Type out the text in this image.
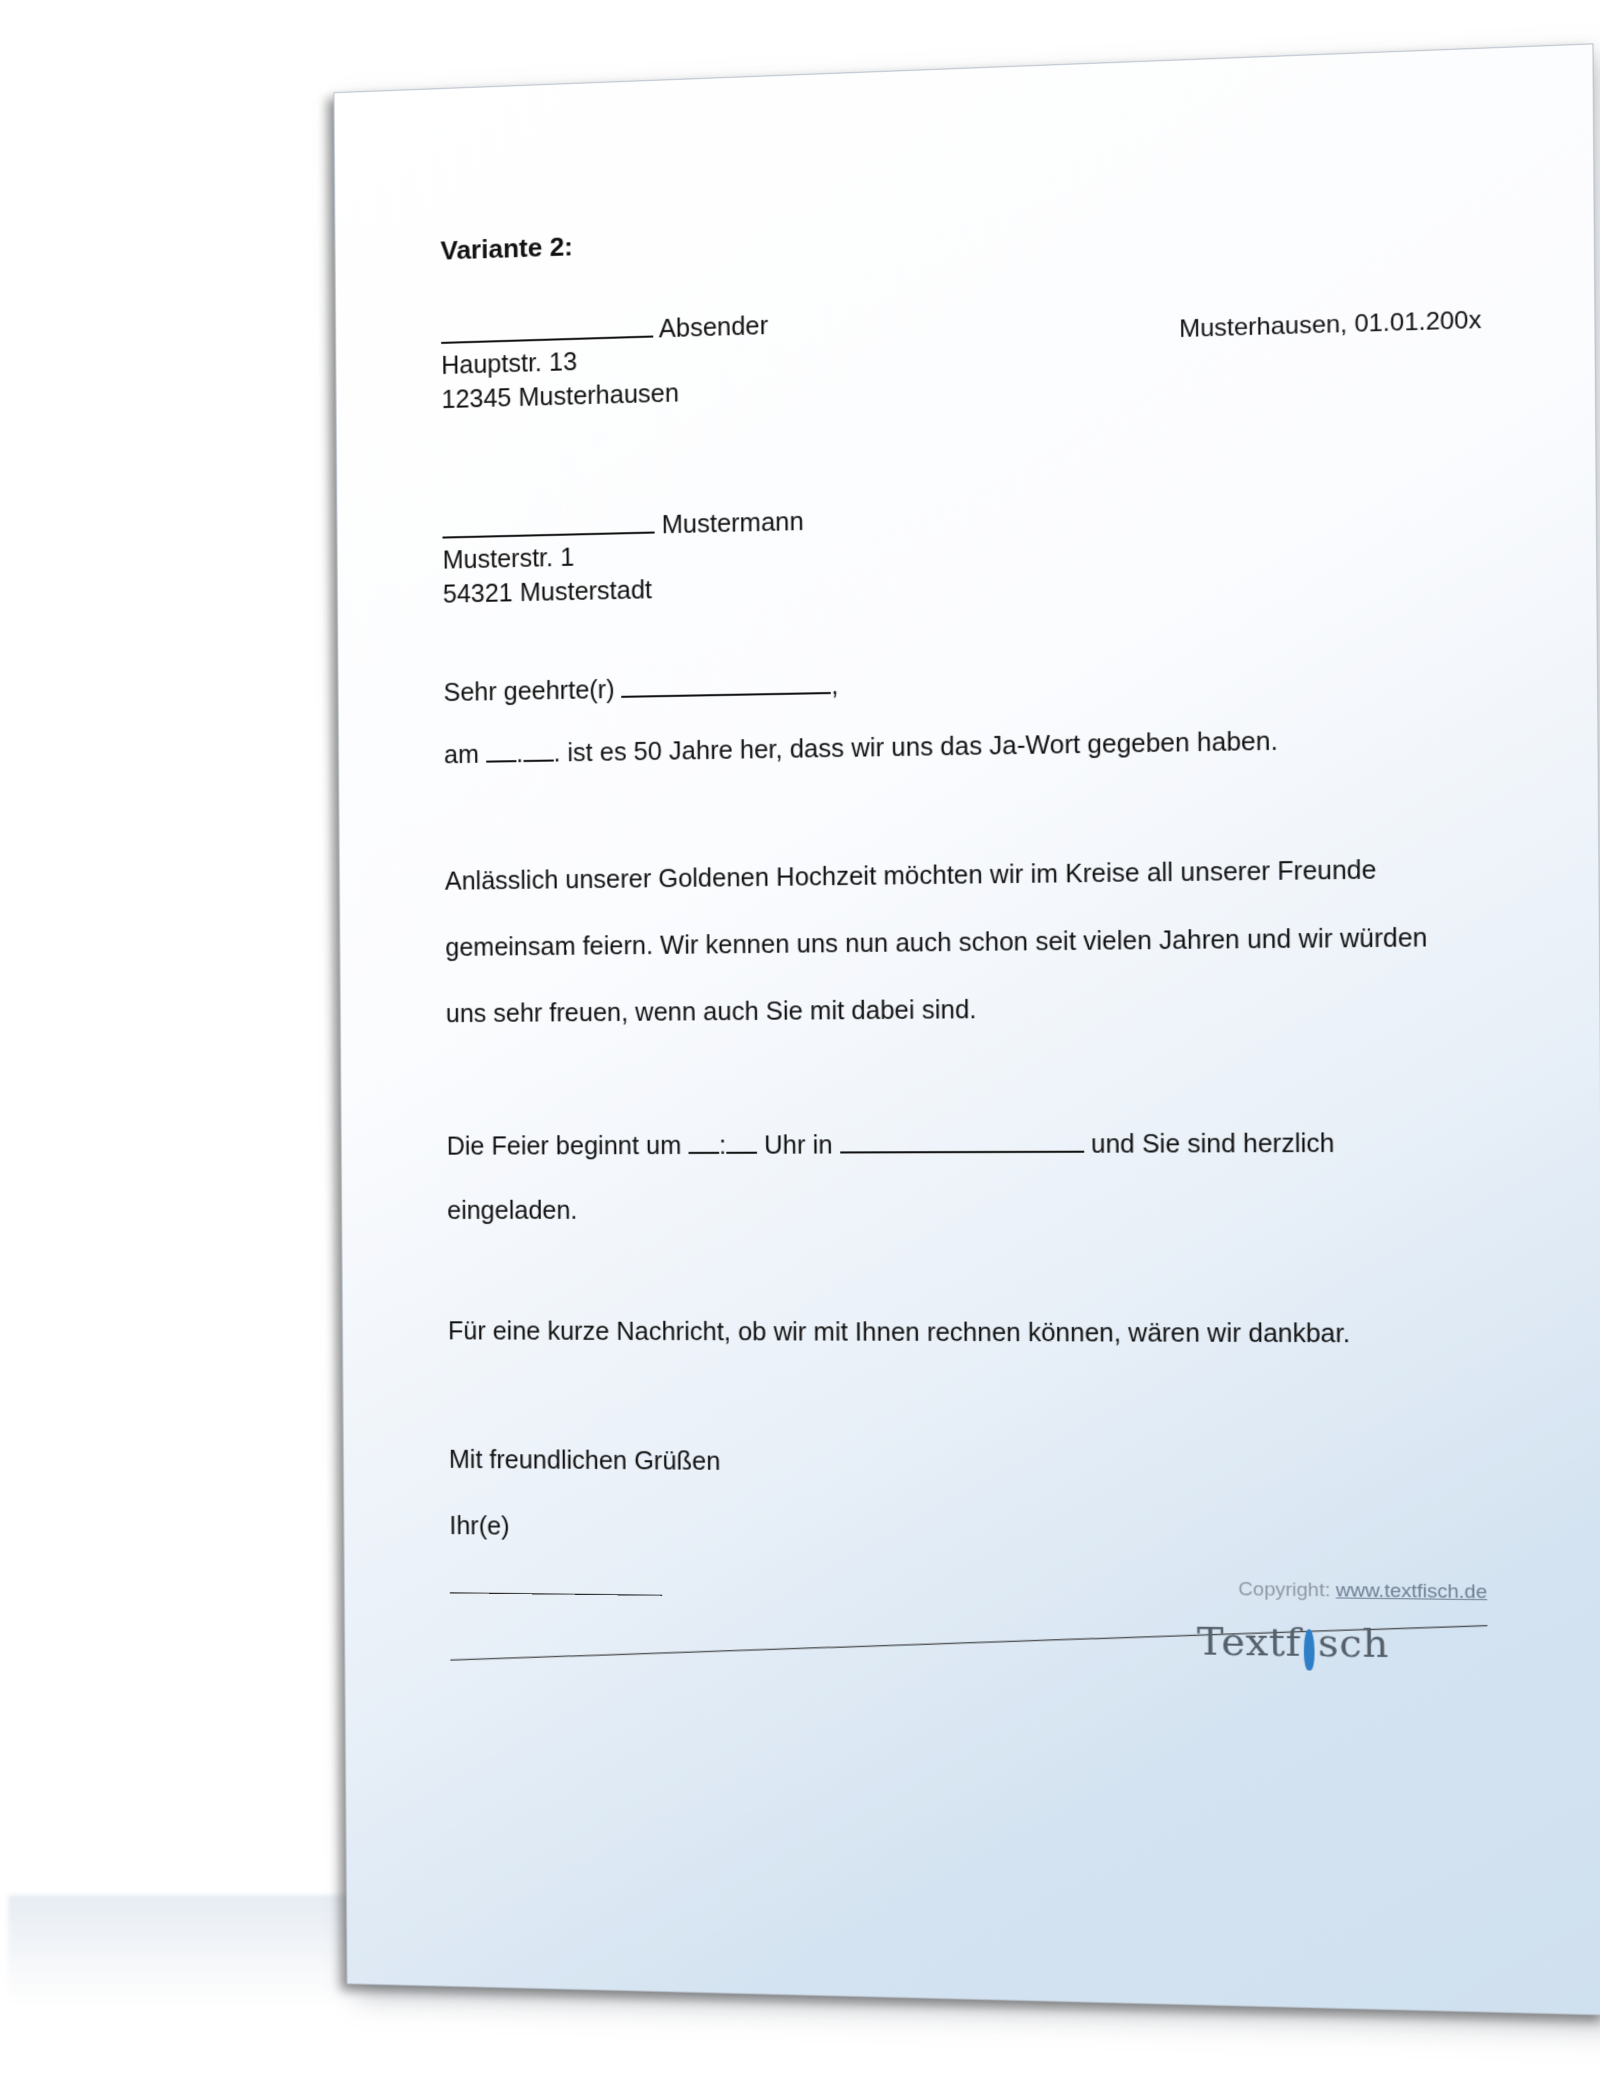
Variante 2:
Absender
Hauptstr. 13
12345 Musterhausen
Musterhausen, 01.01.200x
Mustermann
Musterstr. 1
54321 Musterstadt
Sehr geehrte(r)	,
am . . ist es 50 Jahre her, dass wir uns das Ja-Wort gegeben haben.
Anlässlich unserer Goldenen Hochzeit möchten wir im Kreise all unserer Freunde
gemeinsam feiern. Wir kennen uns nun auch schon seit vielen Jahren und wir würden
uns sehr freuen, wenn auch Sie mit dabei sind.
Die Feier beginnt um : Uhr in	und Sie sind herzlich
eingeladen.
Für eine kurze Nachricht, ob wir mit Ihnen rechnen können, wären wir dankbar.
Mit freundlichen Grüßen
Ihr(e)
Copyright: www.textfisch.de
Textf sch
